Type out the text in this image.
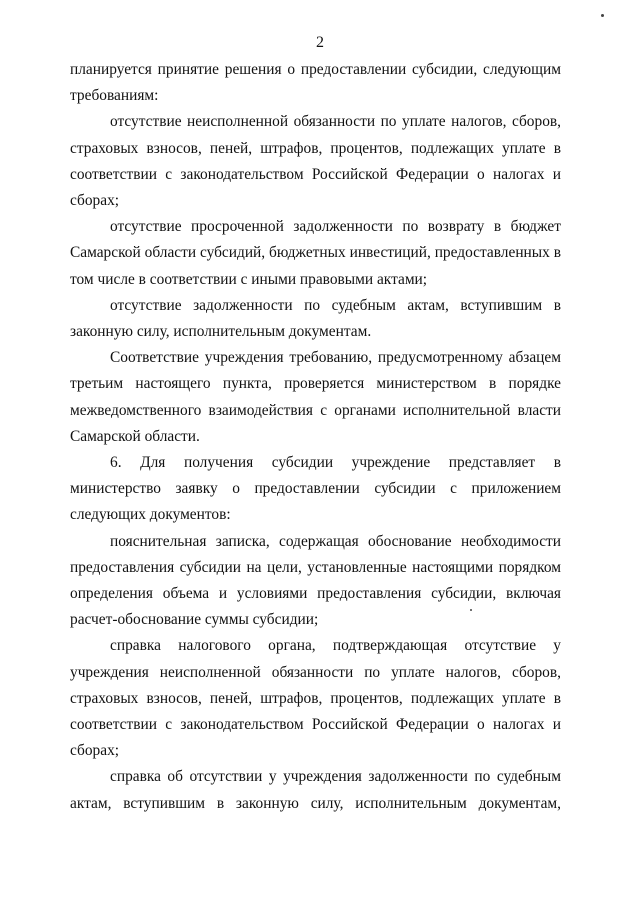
2

планируется принятие решения о предоставлении субсидии, следующим требованиям:

отсутствие неисполненной обязанности по уплате налогов, сборов, страховых взносов, пеней, штрафов, процентов, подлежащих уплате в соответствии с законодательством Российской Федерации о налогах и сборах;

отсутствие просроченной задолженности по возврату в бюджет Самарской области субсидий, бюджетных инвестиций, предоставленных в том числе в соответствии с иными правовыми актами;

отсутствие задолженности по судебным актам, вступившим в законную силу, исполнительным документам.

Соответствие учреждения требованию, предусмотренному абзацем третьим настоящего пункта, проверяется министерством в порядке межведомственного взаимодействия с органами исполнительной власти Самарской области.

6. Для получения субсидии учреждение представляет в министерство заявку о предоставлении субсидии с приложением следующих документов:

пояснительная записка, содержащая обоснование необходимости предоставления субсидии на цели, установленные настоящими порядком определения объема и условиями предоставления субсидии, включая расчет-обоснование суммы субсидии;

справка налогового органа, подтверждающая отсутствие у учреждения неисполненной обязанности по уплате налогов, сборов, страховых взносов, пеней, штрафов, процентов, подлежащих уплате в соответствии с законодательством Российской Федерации о налогах и сборах;

справка об отсутствии у учреждения задолженности по судебным актам, вступившим в законную силу, исполнительным документам,
